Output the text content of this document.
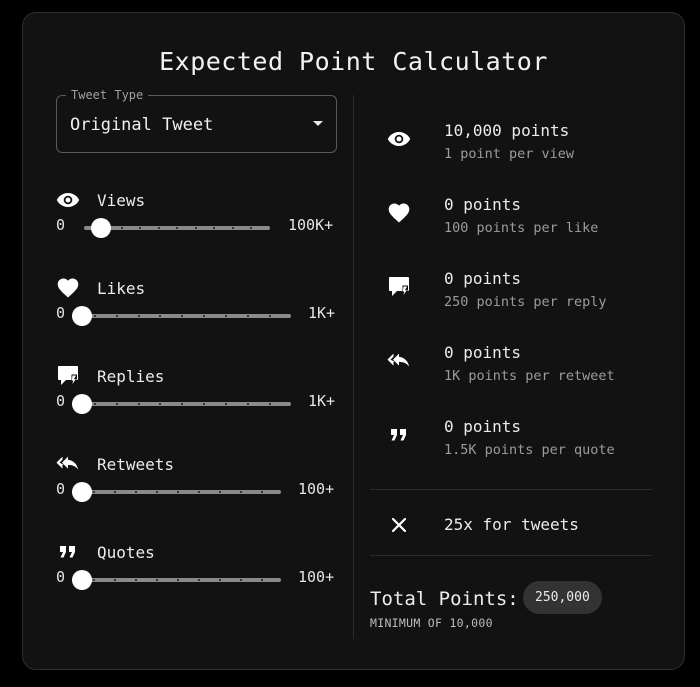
Expected Point Calculator
Tweet Type
Original Tweet
Views
0	100K+
Likes
0	1K+
Replies
0	1K+
Retweets
0	100+
Quotes
0	100+
10,000 points
1 point per view
0 points
100 points per like
0 points
250 points per reply
0 points
1K points per retweet
0 points
1.5K points per quote
25x for tweets
Total Points:	250,000
MINIMUM OF 10,000
